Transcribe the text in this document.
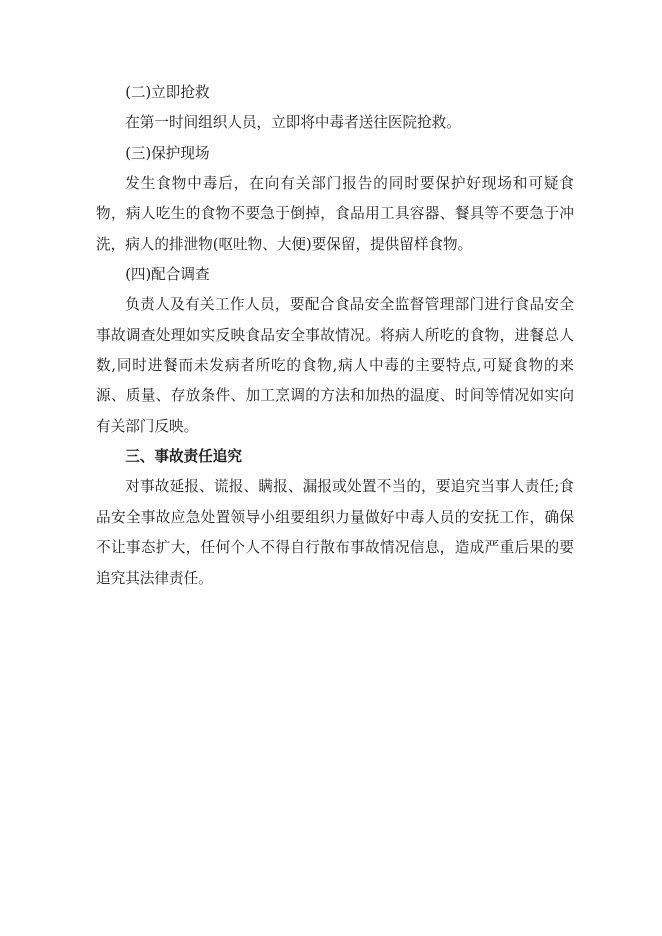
(二)立即抢救

在第一时间组织人员，立即将中毒者送往医院抢救。

(三)保护现场

发生食物中毒后，在向有关部门报告的同时要保护好现场和可疑食物，病人吃生的食物不要急于倒掉，食品用工具容器、餐具等不要急于冲洗，病人的排泄物(呕吐物、大便)要保留，提供留样食物。

(四)配合调查

负责人及有关工作人员，要配合食品安全监督管理部门进行食品安全事故调查处理如实反映食品安全事故情况。将病人所吃的食物，进餐总人数,同时进餐而未发病者所吃的食物,病人中毒的主要特点,可疑食物的来源、质量、存放条件、加工烹调的方法和加热的温度、时间等情况如实向有关部门反映。

三、事故责任追究

对事故延报、谎报、瞒报、漏报或处置不当的，要追究当事人责任;食品安全事故应急处置领导小组要组织力量做好中毒人员的安抚工作，确保不让事态扩大，任何个人不得自行散布事故情况信息，造成严重后果的要追究其法律责任。
